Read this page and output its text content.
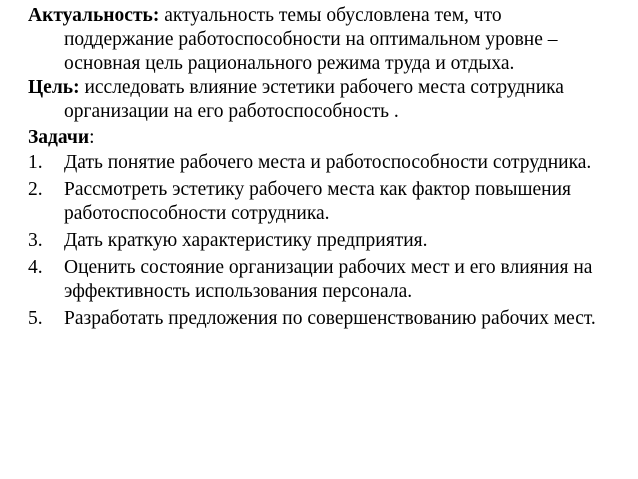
Актуальность: актуальность темы обусловлена тем, что поддержание работоспособности на оптимальном уровне – основная цель рационального режима труда и отдыха.

Цель: исследовать влияние эстетики рабочего места сотрудника организации на его работоспособность .

Задачи:

1. Дать понятие рабочего места и работоспособности сотрудника.
2. Рассмотреть эстетику рабочего места как фактор повышения работоспособности сотрудника.
3. Дать краткую характеристику предприятия.
4. Оценить состояние организации рабочих мест и его влияния на эффективность использования персонала.
5. Разработать предложения по совершенствованию рабочих мест.
